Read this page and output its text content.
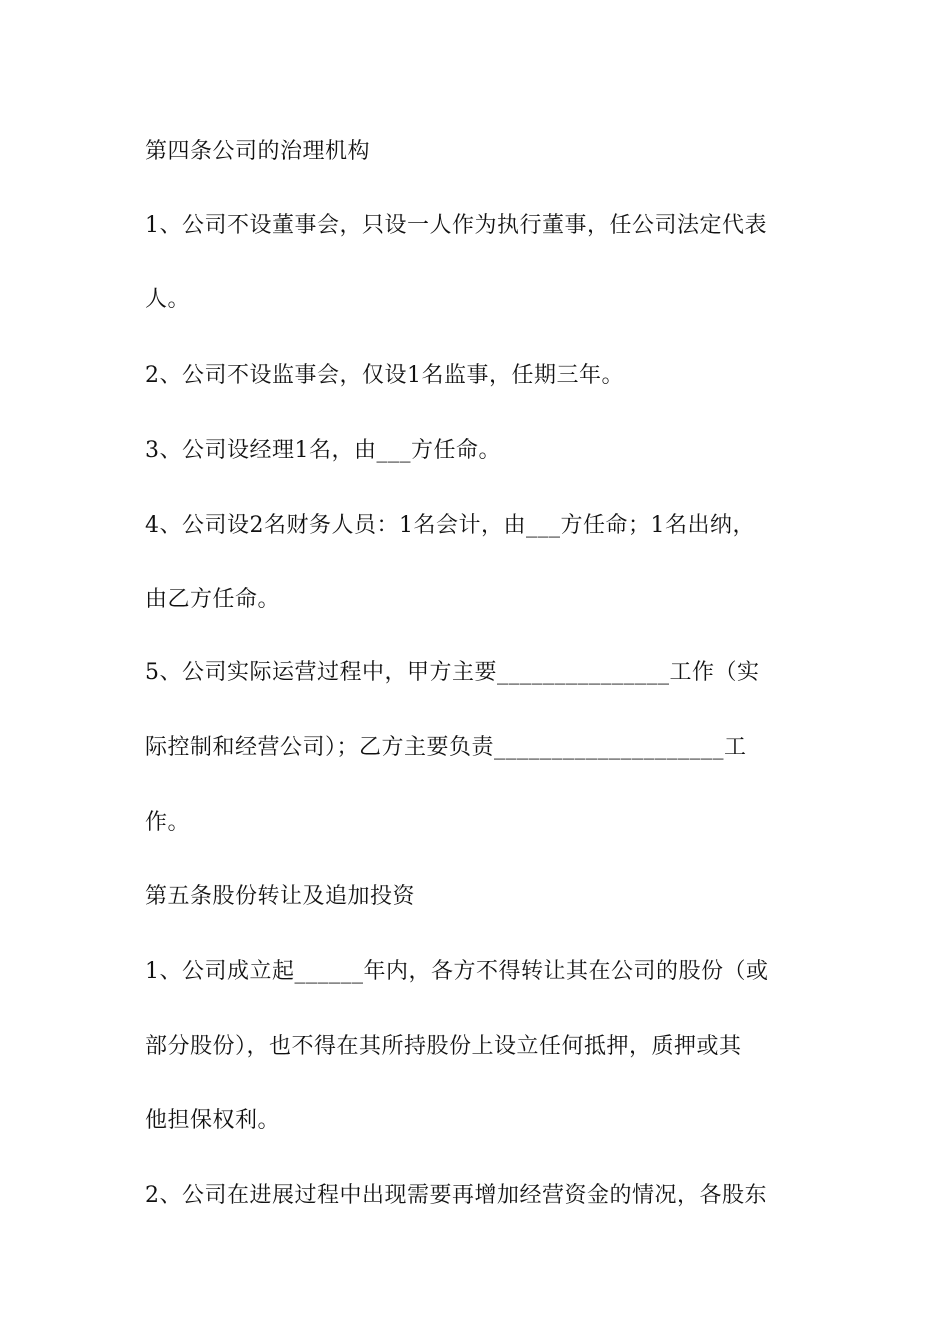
第四条公司的治理机构

1、公司不设董事会，只设一人作为执行董事，任公司法定代表

人。

2、公司不设监事会，仅设1名监事，任期三年。

3、公司设经理1名，由___方任命。

4、公司设2名财务人员：1名会计，由___方任命；1名出纳，

由乙方任命。

5、公司实际运营过程中，甲方主要_______________工作（实

际控制和经营公司）；乙方主要负责____________________工

作。

第五条股份转让及追加投资

1、公司成立起______年内，各方不得转让其在公司的股份（或

部分股份），也不得在其所持股份上设立任何抵押，质押或其

他担保权利。

2、公司在进展过程中出现需要再增加经营资金的情况，各股东
